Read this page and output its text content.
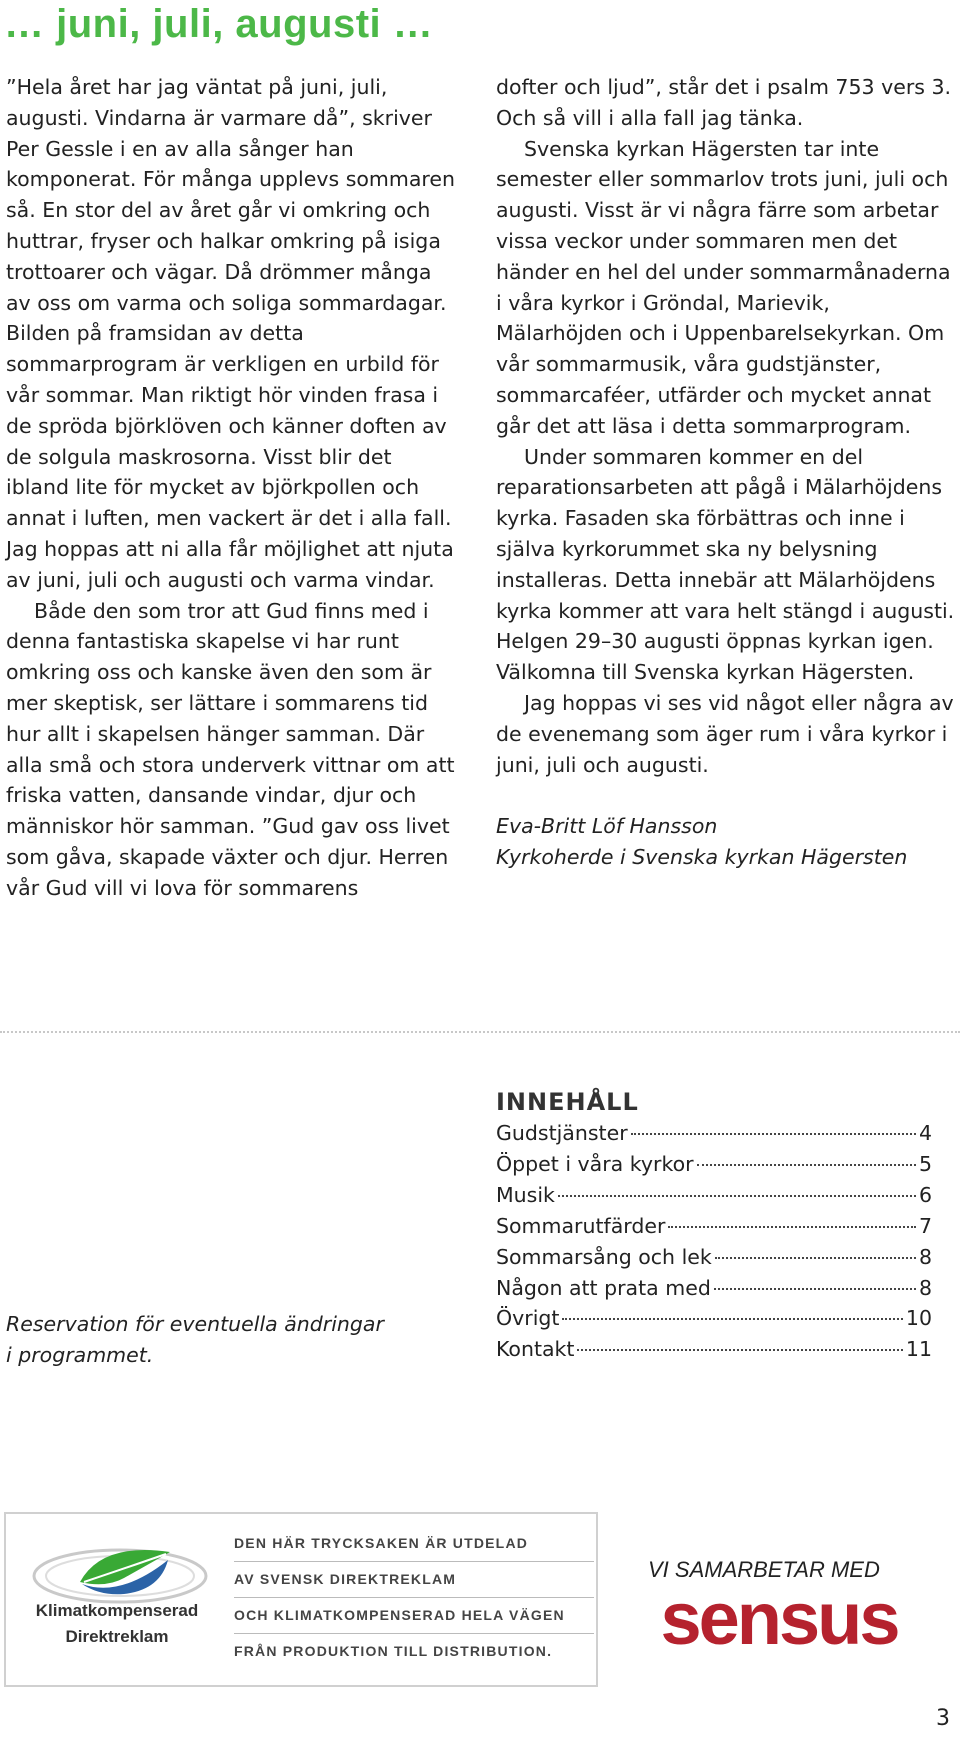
… juni, juli, augusti …

”Hela året har jag väntat på juni, juli, augusti. Vindarna är varmare då”, skriver Per Gessle i en av alla sånger han komponerat. För många upplevs sommaren så. En stor del av året går vi omkring och huttrar, fryser och halkar omkring på isiga trottoarer och vägar. Då drömmer många av oss om varma och soliga sommardagar. Bilden på framsidan av detta sommarprogram är verkligen en urbild för vår sommar. Man riktigt hör vinden frasa i de spröda björklöven och känner doften av de solgula maskrosorna. Visst blir det ibland lite för mycket av björkpollen och annat i luften, men vackert är det i alla fall. Jag hoppas att ni alla får möjlighet att njuta av juni, juli och augusti och varma vindar.

Både den som tror att Gud finns med i denna fantastiska skapelse vi har runt omkring oss och kanske även den som är mer skeptisk, ser lättare i sommarens tid hur allt i skapelsen hänger samman. Där alla små och stora underverk vittnar om att friska vatten, dansande vindar, djur och människor hör samman. ”Gud gav oss livet som gåva, skapade växter och djur. Herren vår Gud vill vi lova för sommarens

dofter och ljud”, står det i psalm 753 vers 3. Och så vill i alla fall jag tänka.

Svenska kyrkan Hägersten tar inte semester eller sommarlov trots juni, juli och augusti. Visst är vi några färre som arbetar vissa veckor under sommaren men det händer en hel del under sommarmånaderna i våra kyrkor i Gröndal, Marievik, Mälarhöjden och i Uppenbarelsekyrkan. Om vår sommarmusik, våra gudstjänster, sommarcaféer, utfärder och mycket annat går det att läsa i detta sommarprogram.

Under sommaren kommer en del reparationsarbeten att pågå i Mälarhöjdens kyrka. Fasaden ska förbättras och inne i själva kyrkorummet ska ny belysning installeras. Detta innebär att Mälarhöjdens kyrka kommer att vara helt stängd i augusti. Helgen 29–30 augusti öppnas kyrkan igen.

Välkomna till Svenska kyrkan Hägersten.

Jag hoppas vi ses vid något eller några av de evenemang som äger rum i våra kyrkor i juni, juli och augusti.

Eva-Britt Löf Hansson

Kyrkoherde i Svenska kyrkan Hägersten

Reservation för eventuella ändringar i programmet.
INNEHÅLL
Gudstjänster	4
Öppet i våra kyrkor	5
Musik	6
Sommarutfärder	7
Sommarsång och lek	8
Någon att prata med	8
Övrigt	10
Kontakt	11
Klimatkompenserad
Direktreklam
DEN HÄR TRYCKSAKEN ÄR UTDELAD
AV SVENSK DIREKTREKLAM
OCH KLIMATKOMPENSERAD HELA VÄGEN
FRÅN PRODUKTION TILL DISTRIBUTION.
VI SAMARBETAR MED
sensus
3
